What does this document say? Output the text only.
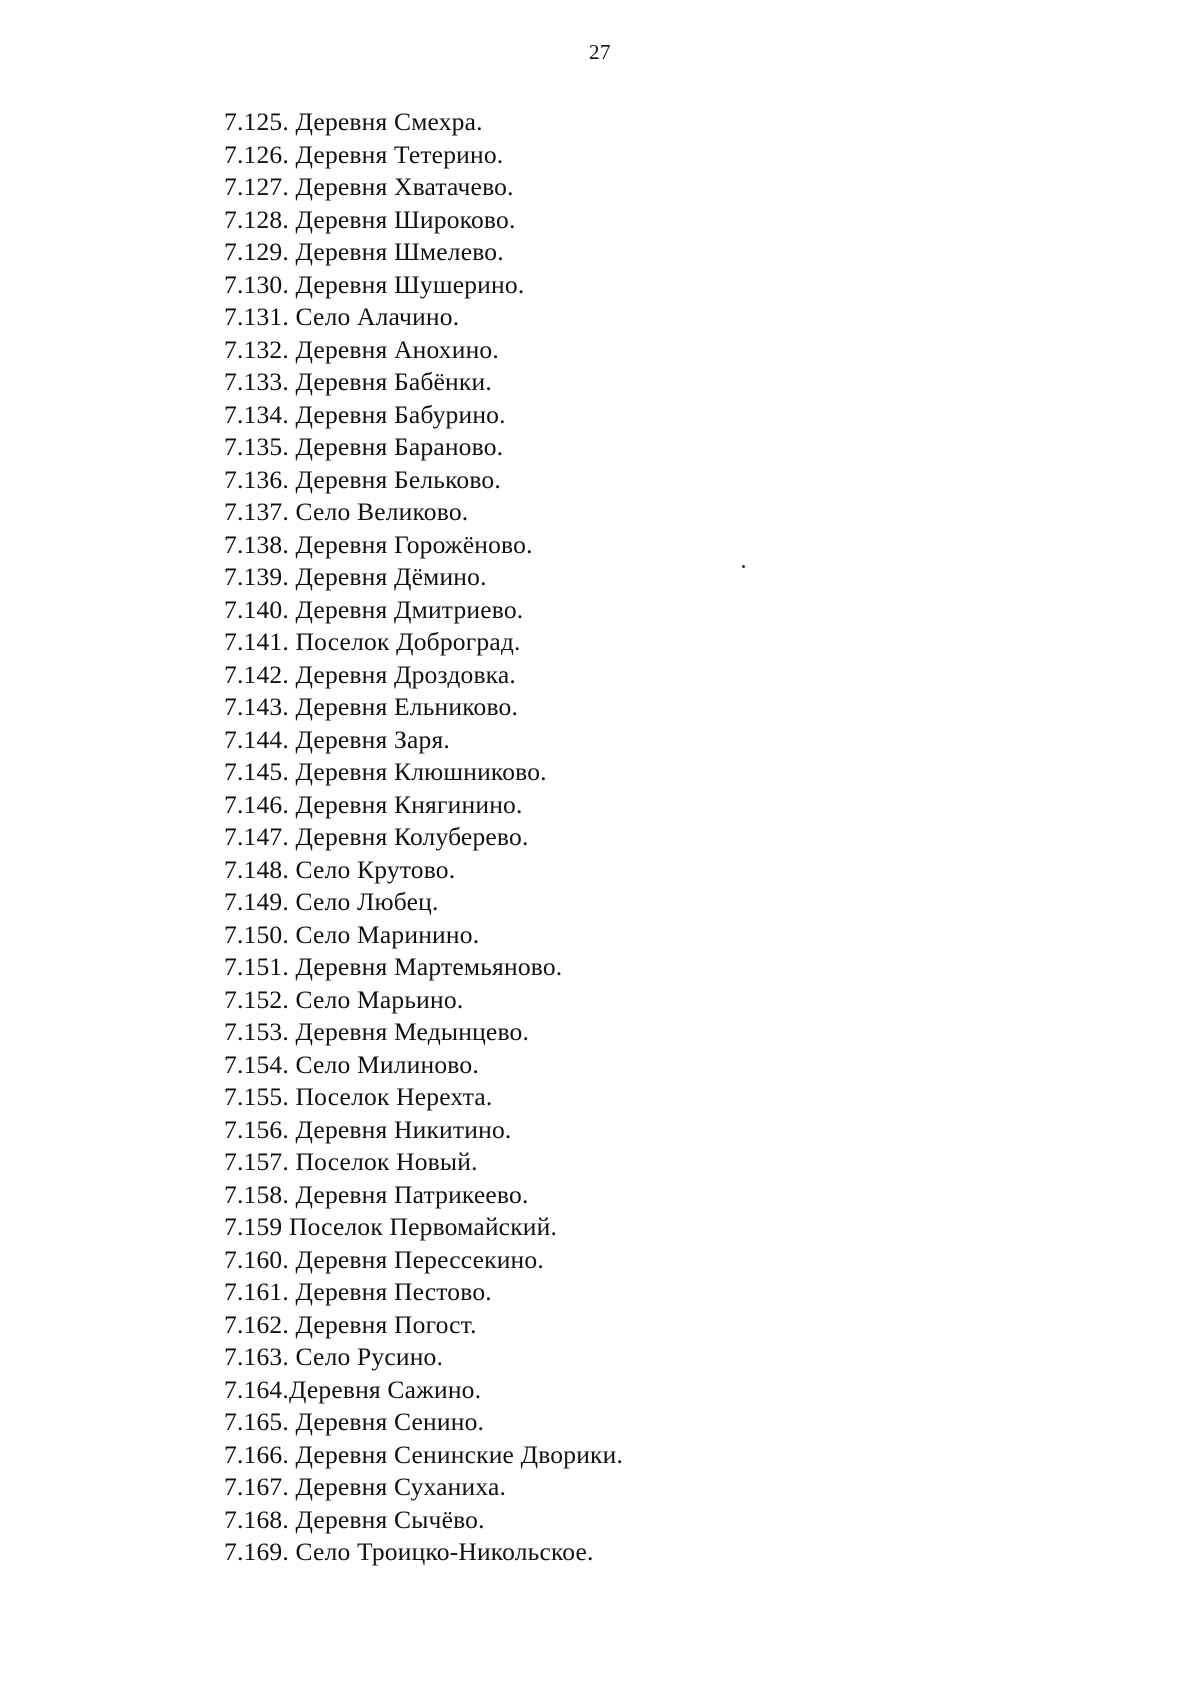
27
7.125. Деревня Смехра.
7.126. Деревня Тетерино.
7.127. Деревня Хватачево.
7.128. Деревня Широково.
7.129. Деревня Шмелево.
7.130. Деревня Шушерино.
7.131. Село Алачино.
7.132. Деревня Анохино.
7.133. Деревня Бабёнки.
7.134. Деревня Бабурино.
7.135. Деревня Бараново.
7.136. Деревня Бельково.
7.137. Село Великово.
7.138. Деревня Горожёново.
7.139. Деревня Дёмино.
7.140. Деревня Дмитриево.
7.141. Поселок Доброград.
7.142. Деревня Дроздовка.
7.143. Деревня Ельниково.
7.144. Деревня Заря.
7.145. Деревня Клюшниково.
7.146. Деревня Княгинино.
7.147. Деревня Колуберево.
7.148. Село Крутово.
7.149. Село Любец.
7.150. Село Маринино.
7.151. Деревня Мартемьяново.
7.152. Село Марьино.
7.153. Деревня Медынцево.
7.154. Село Милиново.
7.155. Поселок Нерехта.
7.156. Деревня Никитино.
7.157. Поселок Новый.
7.158. Деревня Патрикеево.
7.159 Поселок Первомайский.
7.160. Деревня Перессекино.
7.161. Деревня Пестово.
7.162. Деревня Погост.
7.163. Село Русино.
7.164.Деревня Сажино.
7.165. Деревня Сенино.
7.166. Деревня Сенинские Дворики.
7.167. Деревня Суханиха.
7.168. Деревня Сычёво.
7.169. Село Троицко-Никольское.
